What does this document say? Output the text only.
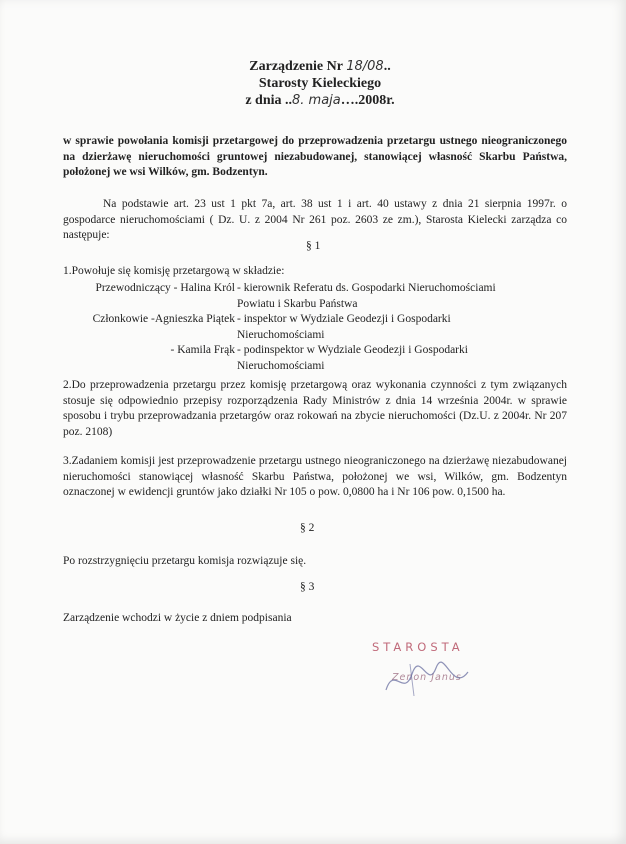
Zarządzenie Nr 18/08..
Starosty Kieleckiego
z dnia ..8. maja….2008r.
w sprawie powołania komisji przetargowej do przeprowadzenia przetargu ustnego nieograniczonego na dzierżawę nieruchomości gruntowej niezabudowanej, stanowiącej własność Skarbu Państwa, położonej we wsi Wilków, gm. Bodzentyn.

Na podstawie art. 23 ust 1 pkt 7a, art. 38 ust 1 i art. 40 ustawy z dnia 21 sierpnia 1997r. o gospodarce nieruchomościami ( Dz. U. z 2004 Nr 261 poz. 2603 ze zm.), Starosta Kielecki zarządza co następuje:

§ 1
1.Powołuje się komisję przetargową w składzie:
Przewodniczący - Halina Król - kierownik Referatu ds. Gospodarki Nieruchomościami
Powiatu i Skarbu Państwa
Członkowie -Agnieszka Piątek - inspektor w Wydziale Geodezji i Gospodarki
Nieruchomościami
- Kamila Frąk - podinspektor w Wydziale Geodezji i Gospodarki
Nieruchomościami
2.Do przeprowadzenia przetargu przez komisję przetargową oraz wykonania czynności z tym związanych stosuje się odpowiednio przepisy rozporządzenia Rady Ministrów z dnia 14 września 2004r. w sprawie sposobu i trybu przeprowadzania przetargów oraz rokowań na zbycie nieruchomości (Dz.U. z 2004r. Nr 207 poz. 2108)
3.Zadaniem komisji jest przeprowadzenie przetargu ustnego nieograniczonego na dzierżawę niezabudowanej nieruchomości stanowiącej własność Skarbu Państwa, położonej we wsi, Wilków, gm. Bodzentyn oznaczonej w ewidencji gruntów jako działki Nr 105 o pow. 0,0800 ha i Nr 106 pow. 0,1500 ha.
§ 2
Po rozstrzygnięciu przetargu komisja rozwiązuje się.
§ 3
Zarządzenie wchodzi w życie z dniem podpisania
STAROSTA
Zenon Janus
